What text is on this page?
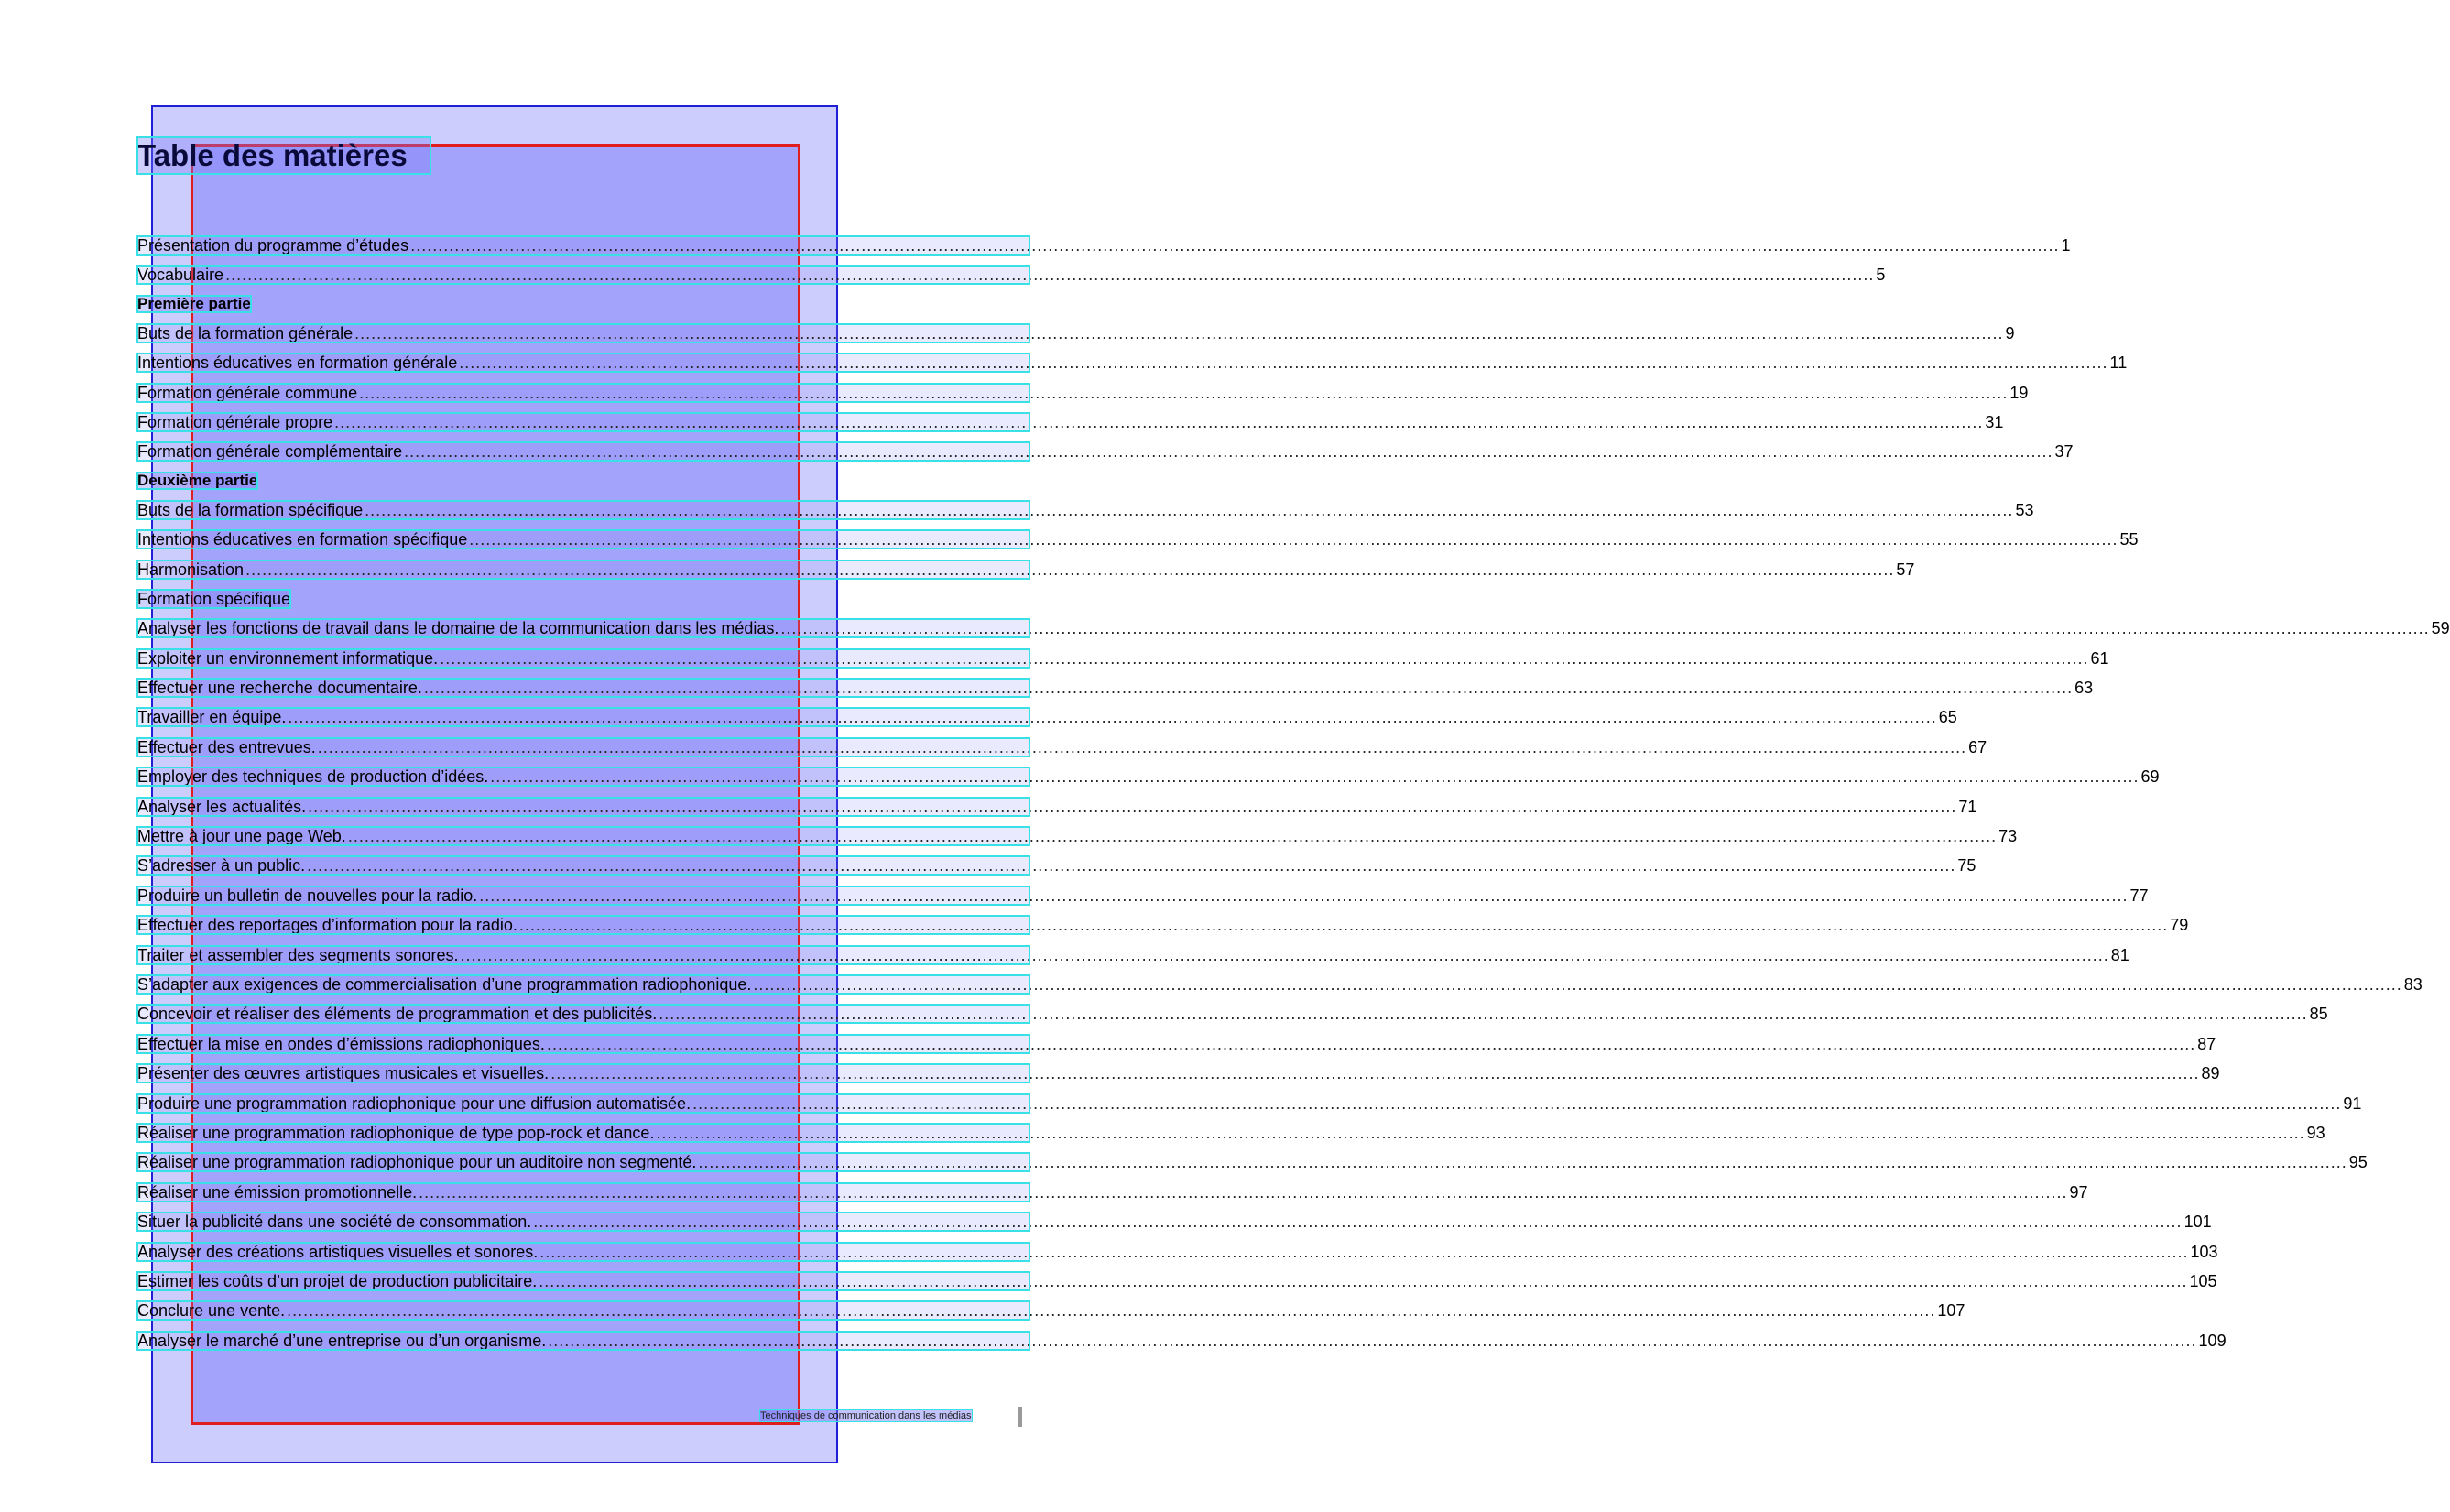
Table des matières
Présentation du programme d’études ............................................................................................................................................................................................................................................................................................................ 1
Vocabulaire ............................................................................................................................................................................................................................................................................................................ 5
Première partie
Buts de la formation générale ............................................................................................................................................................................................................................................................................................................ 9
Intentions éducatives en formation générale ............................................................................................................................................................................................................................................................................................................ 11
Formation générale commune ............................................................................................................................................................................................................................................................................................................ 19
Formation générale propre ............................................................................................................................................................................................................................................................................................................ 31
Formation générale complémentaire ............................................................................................................................................................................................................................................................................................................ 37
Deuxième partie
Buts de la formation spécifique ............................................................................................................................................................................................................................................................................................................ 53
Intentions éducatives en formation spécifique ............................................................................................................................................................................................................................................................................................................ 55
Harmonisation ............................................................................................................................................................................................................................................................................................................ 57
Formation spécifique
Analyser les fonctions de travail dans le domaine de la communication dans les médias. ............................................................................................................................................................................................................................................................................................................ 59
Exploiter un environnement informatique. ............................................................................................................................................................................................................................................................................................................ 61
Effectuer une recherche documentaire. ............................................................................................................................................................................................................................................................................................................ 63
Travailler en équipe. ............................................................................................................................................................................................................................................................................................................ 65
Effectuer des entrevues. ............................................................................................................................................................................................................................................................................................................ 67
Employer des techniques de production d’idées. ............................................................................................................................................................................................................................................................................................................ 69
Analyser les actualités. ............................................................................................................................................................................................................................................................................................................ 71
Mettre à jour une page Web. ............................................................................................................................................................................................................................................................................................................ 73
S’adresser à un public. ............................................................................................................................................................................................................................................................................................................ 75
Produire un bulletin de nouvelles pour la radio. ............................................................................................................................................................................................................................................................................................................ 77
Effectuer des reportages d’information pour la radio. ............................................................................................................................................................................................................................................................................................................ 79
Traiter et assembler des segments sonores. ............................................................................................................................................................................................................................................................................................................ 81
S’adapter aux exigences de commercialisation d’une programmation radiophonique. ............................................................................................................................................................................................................................................................................................................ 83
Concevoir et réaliser des éléments de programmation et des publicités. ............................................................................................................................................................................................................................................................................................................ 85
Effectuer la mise en ondes d’émissions radiophoniques. ............................................................................................................................................................................................................................................................................................................ 87
Présenter des œuvres artistiques musicales et visuelles. ............................................................................................................................................................................................................................................................................................................ 89
Produire une programmation radiophonique pour une diffusion automatisée. ............................................................................................................................................................................................................................................................................................................ 91
Réaliser une programmation radiophonique de type pop-rock et dance. ............................................................................................................................................................................................................................................................................................................ 93
Réaliser une programmation radiophonique pour un auditoire non segmenté. ............................................................................................................................................................................................................................................................................................................ 95
Réaliser une émission promotionnelle. ............................................................................................................................................................................................................................................................................................................ 97
Situer la publicité dans une société de consommation. ............................................................................................................................................................................................................................................................................................................ 101
Analyser des créations artistiques visuelles et sonores. ............................................................................................................................................................................................................................................................................................................ 103
Estimer les coûts d’un projet de production publicitaire. ............................................................................................................................................................................................................................................................................................................ 105
Conclure une vente. ............................................................................................................................................................................................................................................................................................................ 107
Analyser le marché d’une entreprise ou d’un organisme. ............................................................................................................................................................................................................................................................................................................ 109
Techniques de communication dans les médias
